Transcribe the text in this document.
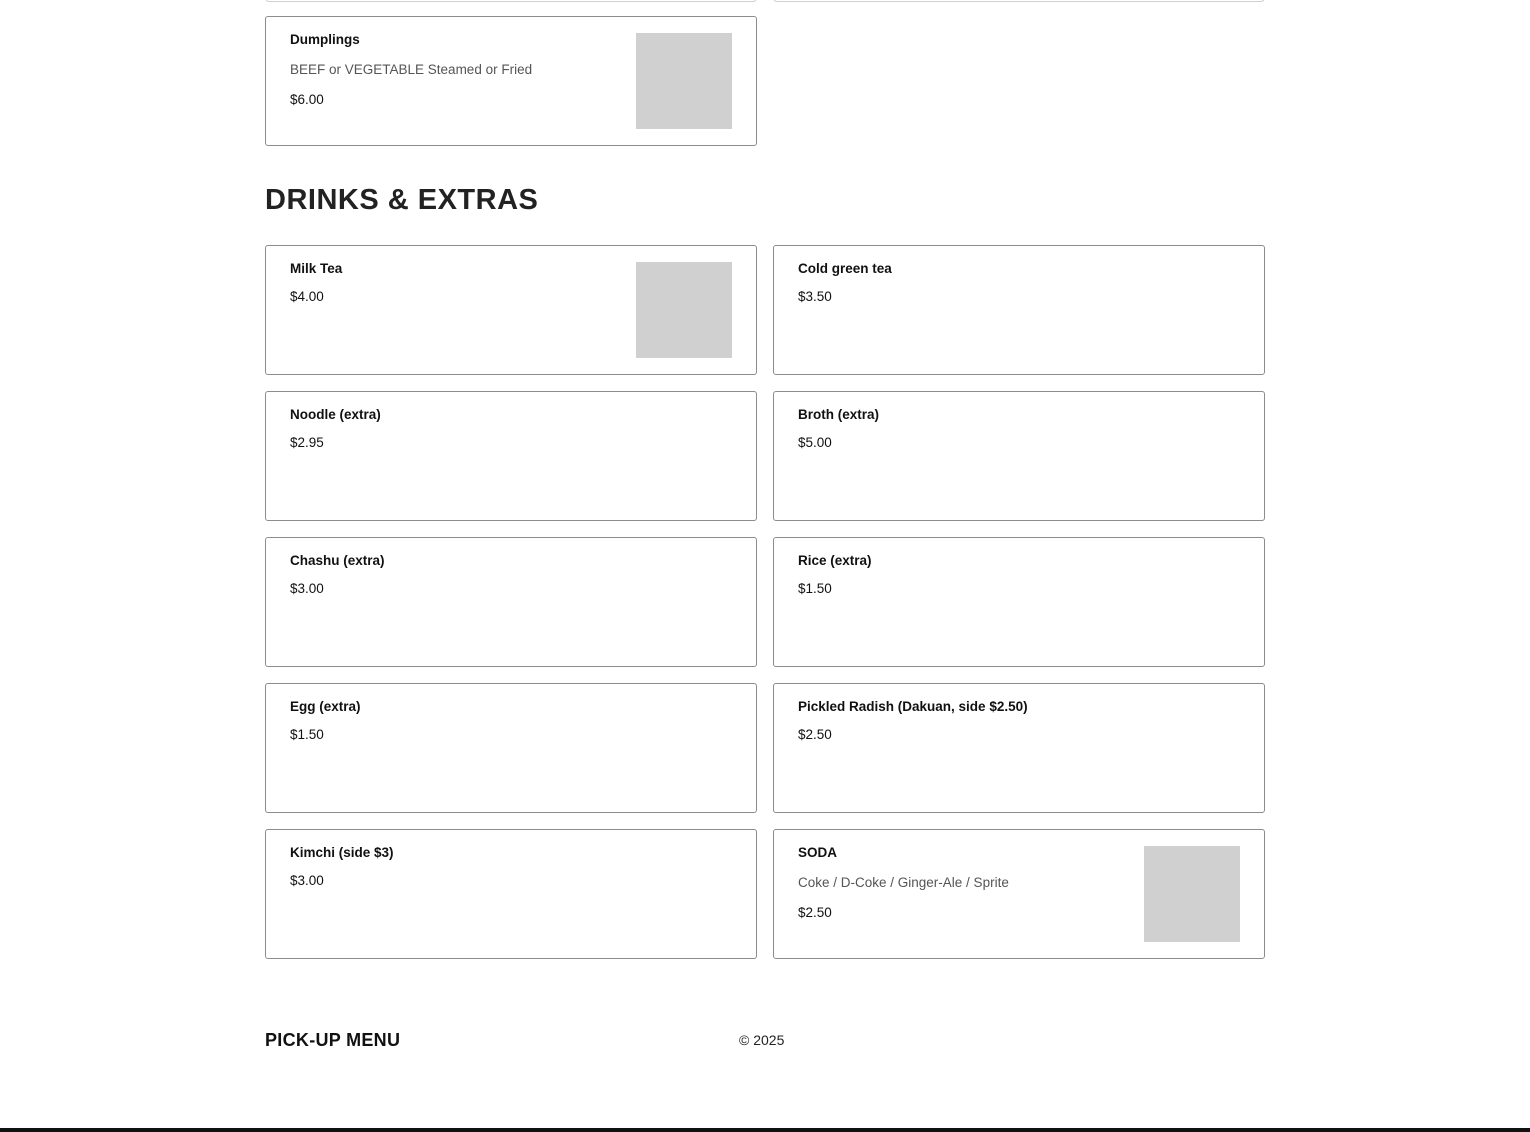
Dumplings
BEEF or VEGETABLE Steamed or Fried
$6.00
DRINKS & EXTRAS
Milk Tea
$4.00
Cold green tea
$3.50
Noodle (extra)
$2.95
Broth (extra)
$5.00
Chashu (extra)
$3.00
Rice (extra)
$1.50
Egg (extra)
$1.50
Pickled Radish (Dakuan, side $2.50)
$2.50
Kimchi (side $3)
$3.00
SODA
Coke / D-Coke / Ginger-Ale / Sprite
$2.50
PICK-UP MENU	© 2025
